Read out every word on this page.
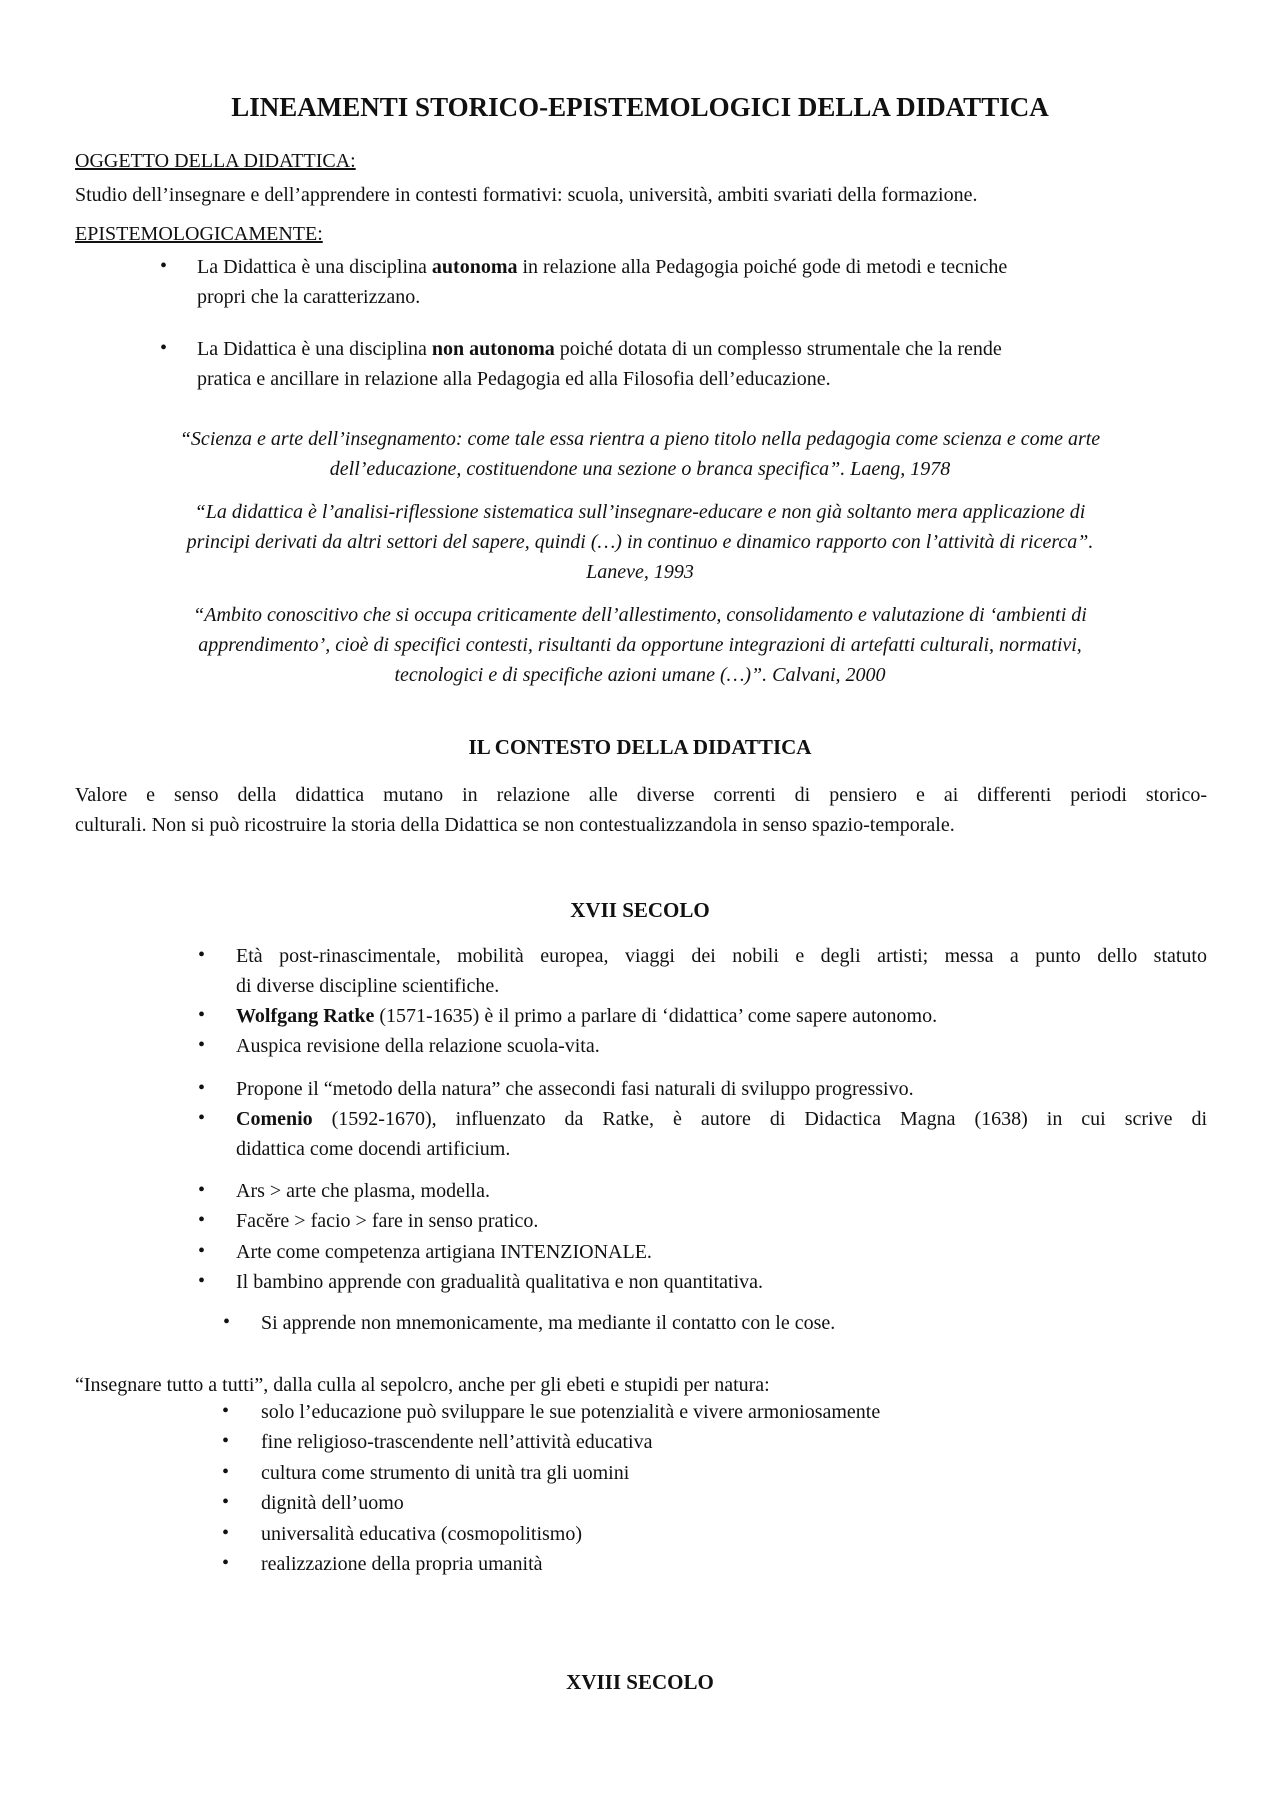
LINEAMENTI STORICO-EPISTEMOLOGICI DELLA DIDATTICA
OGGETTO DELLA DIDATTICA:
Studio dell’insegnare e dell’apprendere in contesti formativi: scuola, università, ambiti svariati della formazione.
EPISTEMOLOGICAMENTE:
• La Didattica è una disciplina autonoma in relazione alla Pedagogia poiché gode di metodi e tecniche
propri che la caratterizzano.
• La Didattica è una disciplina non autonoma poiché dotata di un complesso strumentale che la rende
pratica e ancillare in relazione alla Pedagogia ed alla Filosofia dell’educazione.
“Scienza e arte dell’insegnamento: come tale essa rientra a pieno titolo nella pedagogia come scienza e come arte
dell’educazione, costituendone una sezione o branca specifica”. Laeng, 1978
“La didattica è l’analisi-riflessione sistematica sull’insegnare-educare e non già soltanto mera applicazione di
principi derivati da altri settori del sapere, quindi (…) in continuo e dinamico rapporto con l’attività di ricerca”.
Laneve, 1993
“Ambito conoscitivo che si occupa criticamente dell’allestimento, consolidamento e valutazione di ‘ambienti di
apprendimento’, cioè di specifici contesti, risultanti da opportune integrazioni di artefatti culturali, normativi,
tecnologici e di specifiche azioni umane (…)”. Calvani, 2000
IL CONTESTO DELLA DIDATTICA
Valore e senso della didattica mutano in relazione alle diverse correnti di pensiero e ai differenti periodi storico-
culturali. Non si può ricostruire la storia della Didattica se non contestualizzandola in senso spazio-temporale.
XVII SECOLO
• Età post-rinascimentale, mobilità europea, viaggi dei nobili e degli artisti; messa a punto dello statuto
di diverse discipline scientifiche.
• Wolfgang Ratke (1571-1635) è il primo a parlare di ‘didattica’ come sapere autonomo.
• Auspica revisione della relazione scuola-vita.
• Propone il “metodo della natura” che assecondi fasi naturali di sviluppo progressivo.
• Comenio (1592-1670), influenzato da Ratke, è autore di Didactica Magna (1638) in cui scrive di
didattica come docendi artificium.
• Ars > arte che plasma, modella.
• Facĕre > facio > fare in senso pratico.
• Arte come competenza artigiana INTENZIONALE.
• Il bambino apprende con gradualità qualitativa e non quantitativa.
• Si apprende non mnemonicamente, ma mediante il contatto con le cose.
“Insegnare tutto a tutti”, dalla culla al sepolcro, anche per gli ebeti e stupidi per natura:
• solo l’educazione può sviluppare le sue potenzialità e vivere armoniosamente
• fine religioso-trascendente nell’attività educativa
• cultura come strumento di unità tra gli uomini
• dignità dell’uomo
• universalità educativa (cosmopolitismo)
• realizzazione della propria umanità
XVIII SECOLO
